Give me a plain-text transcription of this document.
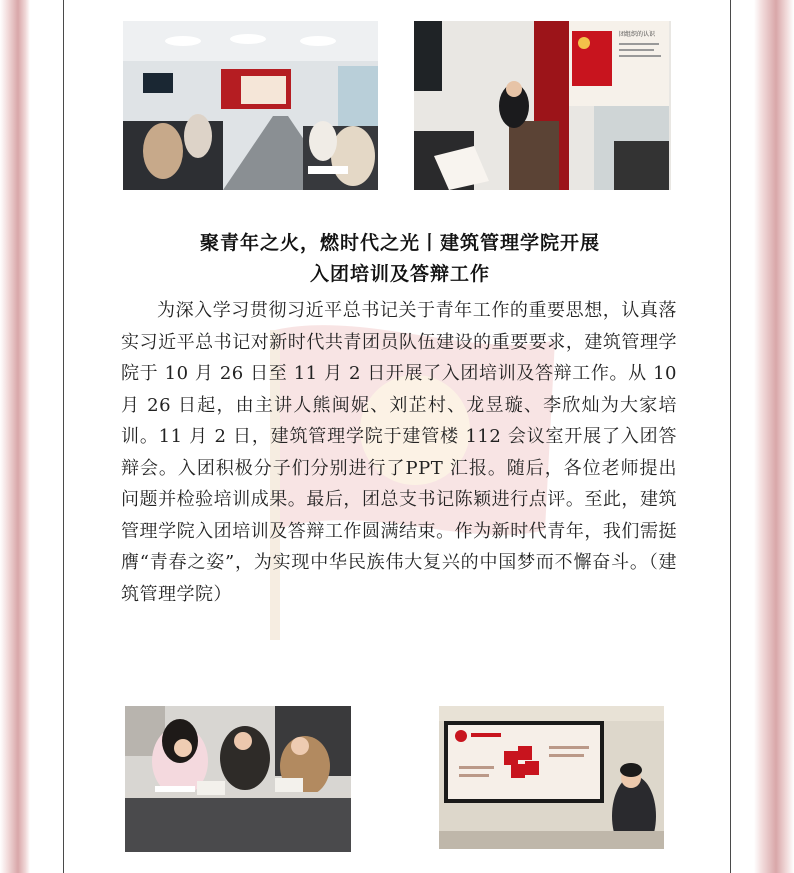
团组织的认识
聚青年之火，燃时代之光丨建筑管理学院开展
入团培训及答辩工作

为深入学习贯彻习近平总书记关于青年工作的重要思想，认真落实习近平总书记对新时代共青团员队伍建设的重要要求，建筑管理学院于 10 月 26 日至 11 月 2 日开展了入团培训及答辩工作。从 10 月 26 日起，由主讲人熊闽妮、刘芷村、龙昱璇、李欣灿为大家培训。11 月 2 日，建筑管理学院于建管楼 112 会议室开展了入团答辩会。入团积极分子们分别进行了PPT 汇报。随后，各位老师提出问题并检验培训成果。最后，团总支书记陈颖进行点评。至此，建筑管理学院入团培训及答辩工作圆满结束。作为新时代青年，我们需挺膺“青春之姿”，为实现中华民族伟大复兴的中国梦而不懈奋斗。（建筑管理学院）
